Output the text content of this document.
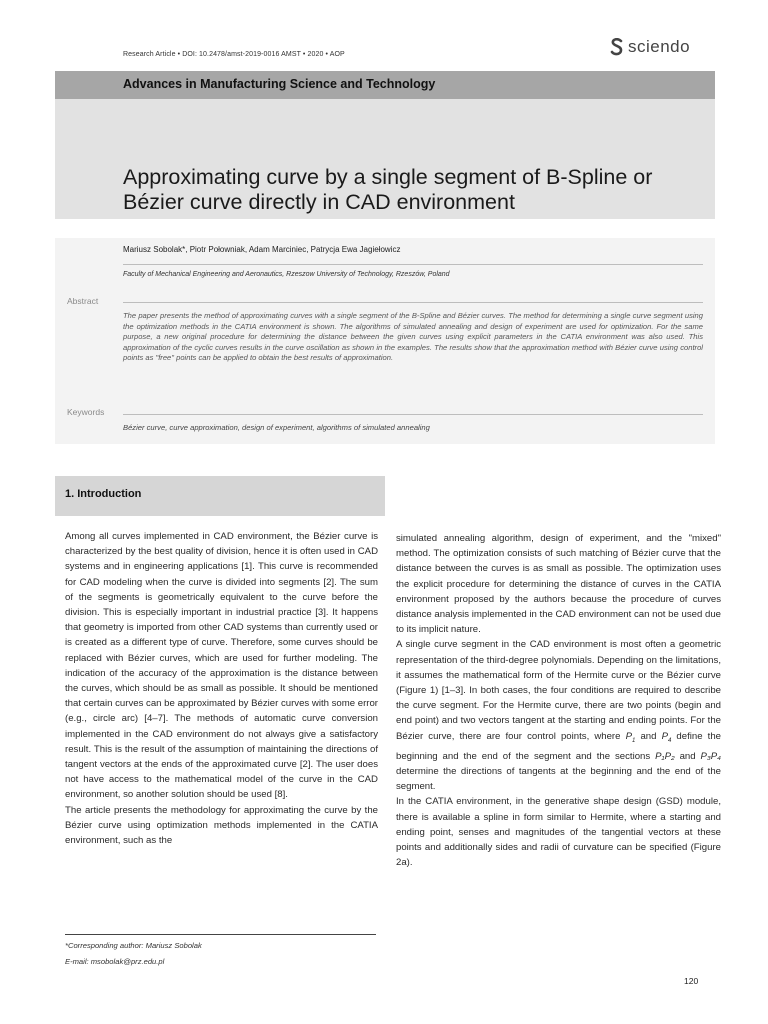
Research Article • DOI: 10.2478/amst-2019-0016 AMST • 2020 • AOP	sciendo
Advances in Manufacturing Science and Technology
Approximating curve by a single segment of B-Spline or Bézier curve directly in CAD environment
Mariusz Sobolak*, Piotr Połowniak, Adam Marciniec, Patrycja Ewa Jagiełowicz
Faculty of Mechanical Engineering and Aeronautics, Rzeszow University of Technology, Rzeszów, Poland
Abstract
The paper presents the method of approximating curves with a single segment of the B-Spline and Bézier curves. The method for determining a single curve segment using the optimization methods in the CATIA environment is shown. The algorithms of simulated annealing and design of experiment are used for optimization. For the same purpose, a new original procedure for determining the distance between the given curves using explicit parameters in the CATIA environment was also used. This approximation of the cyclic curves results in the curve oscillation as shown in the examples. The results show that the approximation method with Bézier curve using control points as "free" points can be applied to obtain the best results of approximation.
Keywords
Bézier curve, curve approximation, design of experiment, algorithms of simulated annealing
1. Introduction

Among all curves implemented in CAD environment, the Bézier curve is characterized by the best quality of division, hence it is often used in CAD systems and in engineering applications [1]. This curve is recommended for CAD modeling when the curve is divided into segments [2]. The sum of the segments is geometrically equivalent to the curve before the division. This is especially important in industrial practice [3]. It happens that geometry is imported from other CAD systems than currently used or is created as a different type of curve. Therefore, some curves should be replaced with Bézier curves, which are used for further modeling. The indication of the accuracy of the approximation is the distance between the curves, which should be as small as possible. It should be mentioned that certain curves can be approximated by Bézier curves with some error (e.g., circle arc) [4–7]. The methods of automatic curve conversion implemented in the CAD environment do not always give a satisfactory result. This is the result of the assumption of maintaining the directions of tangent vectors at the ends of the approximated curve [2]. The user does not have access to the mathematical model of the curve in the CAD environment, so another solution should be used [8].

The article presents the methodology for approximating the curve by the Bézier curve using optimization methods implemented in the CATIA environment, such as the

simulated annealing algorithm, design of experiment, and the "mixed" method. The optimization consists of such matching of Bézier curve that the distance between the curves is as small as possible. The optimization uses the explicit procedure for determining the distance of curves in the CATIA environment proposed by the authors because the procedure of curves distance analysis implemented in the CAD environment can not be used due to its implicit nature.

A single curve segment in the CAD environment is most often a geometric representation of the third-degree polynomials. Depending on the limitations, it assumes the mathematical form of the Hermite curve or the Bézier curve (Figure 1) [1–3]. In both cases, the four conditions are required to describe the curve segment. For the Hermite curve, there are two points (begin and end point) and two vectors tangent at the starting and ending points. For the Bézier curve, there are four control points, where $P_1$ and $P_4$ define the beginning and the end of the segment and the sections P₁P₂ and P₃P₄ determine the directions of tangents at the beginning and the end of the segment.

In the CATIA environment, in the generative shape design (GSD) module, there is available a spline in form similar to Hermite, where a starting and ending point, senses and magnitudes of the tangential vectors at these points and additionally sides and radii of curvature can be specified (Figure 2a).

*Corresponding author: Mariusz Sobolak
E-mail: msobolak@prz.edu.pl
120
